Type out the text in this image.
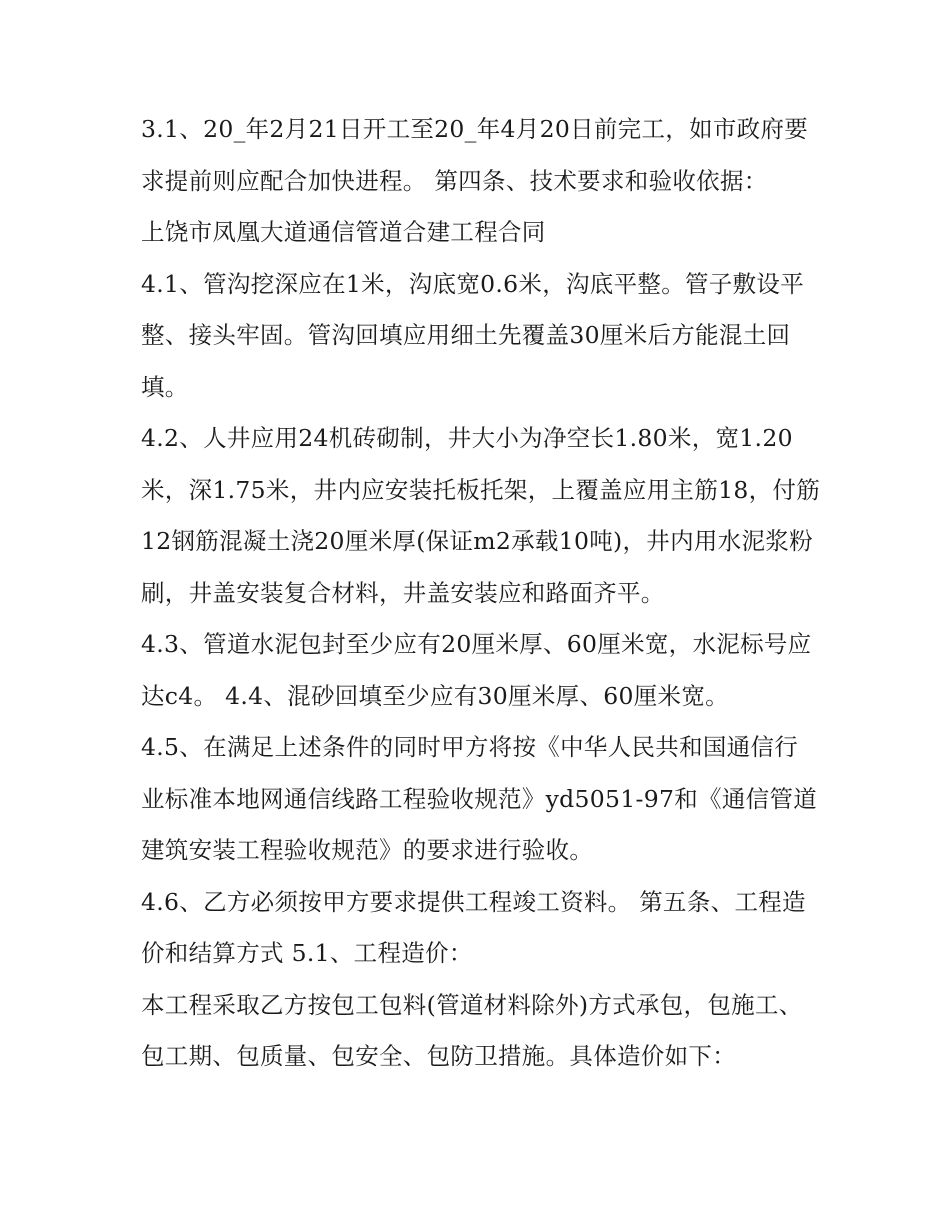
3.1、20_年2月21日开工至20_年4月20日前完工，如市政府要求提前则应配合加快进程。 第四条、技术要求和验收依据：

上饶市凤凰大道通信管道合建工程合同

4.1、管沟挖深应在1米，沟底宽0.6米，沟底平整。管子敷设平整、接头牢固。管沟回填应用细土先覆盖30厘米后方能混土回填。

4.2、人井应用24机砖砌制，井大小为净空长1.80米，宽1.20米，深1.75米，井内应安装托板托架，上覆盖应用主筋18，付筋12钢筋混凝土浇20厘米厚(保证m2承载10吨)，井内用水泥浆粉刷，井盖安装复合材料，井盖安装应和路面齐平。

4.3、管道水泥包封至少应有20厘米厚、60厘米宽，水泥标号应达c4。 4.4、混砂回填至少应有30厘米厚、60厘米宽。

4.5、在满足上述条件的同时甲方将按《中华人民共和国通信行业标准本地网通信线路工程验收规范》yd5051-97和《通信管道建筑安装工程验收规范》的要求进行验收。

4.6、乙方必须按甲方要求提供工程竣工资料。 第五条、工程造价和结算方式 5.1、工程造价：

本工程采取乙方按包工包料(管道材料除外)方式承包，包施工、包工期、包质量、包安全、包防卫措施。具体造价如下：
